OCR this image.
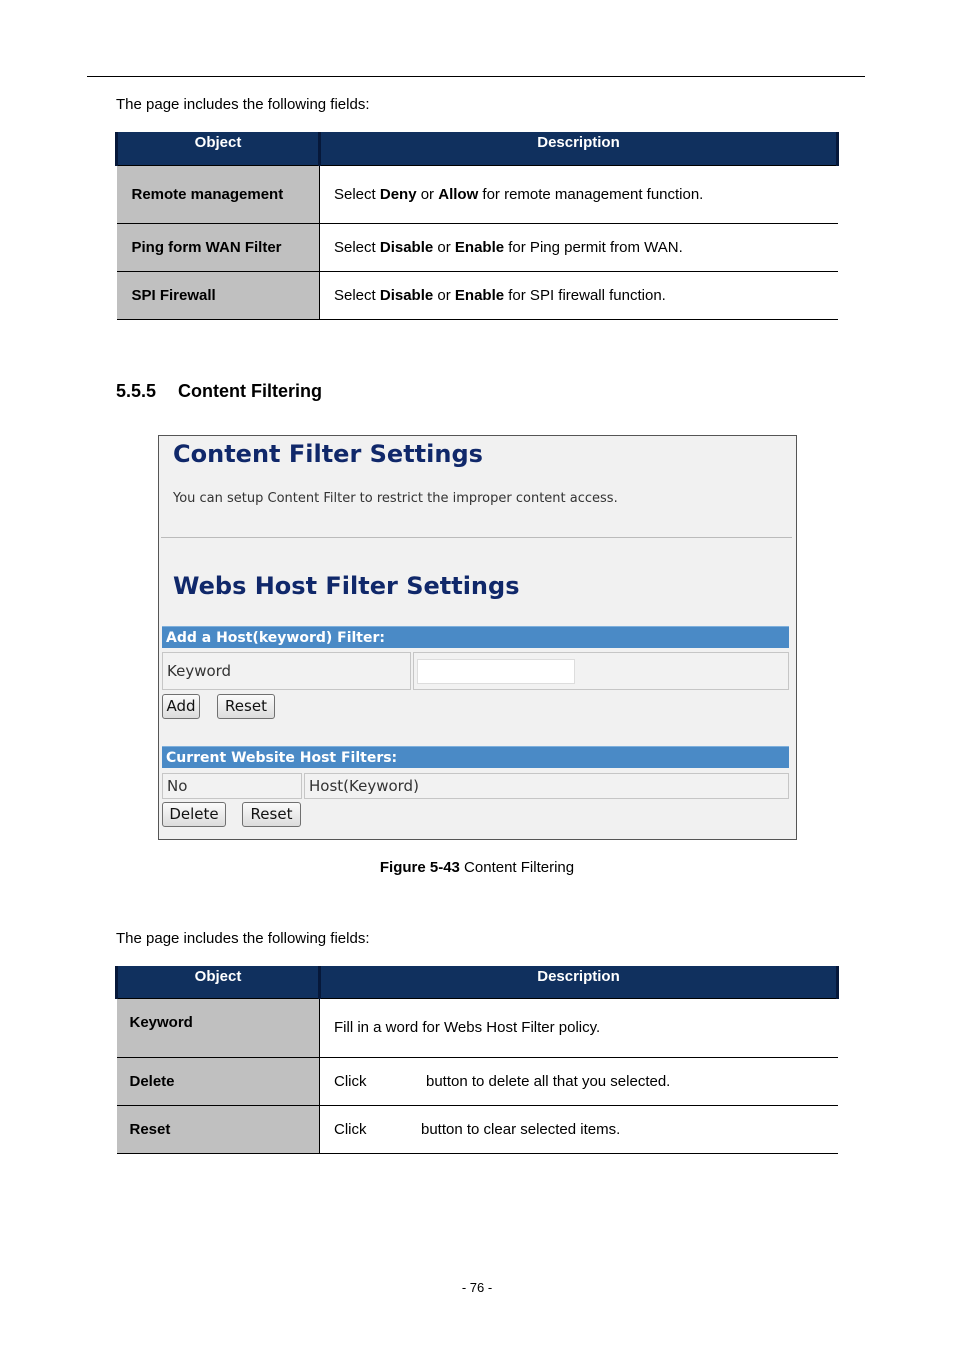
The page includes the following fields:
Object	Description
Remote management	Select Deny or Allow for remote management function.
Ping form WAN Filter	Select Disable or Enable for Ping permit from WAN.
SPI Firewall	Select Disable or Enable for SPI firewall function.
5.5.5 Content Filtering
Content Filter Settings
You can setup Content Filter to restrict the improper content access.
Webs Host Filter Settings
Add a Host(keyword) Filter:
Keyword
Add	Reset
Current Website Host Filters:
No	Host(Keyword)
Delete	Reset
Figure 5-43 Content Filtering
The page includes the following fields:
Object	Description
Keyword	Fill in a word for Webs Host Filter policy.
Delete	Click button to delete all that you selected.
Reset	Click button to clear selected items.
- 76 -
